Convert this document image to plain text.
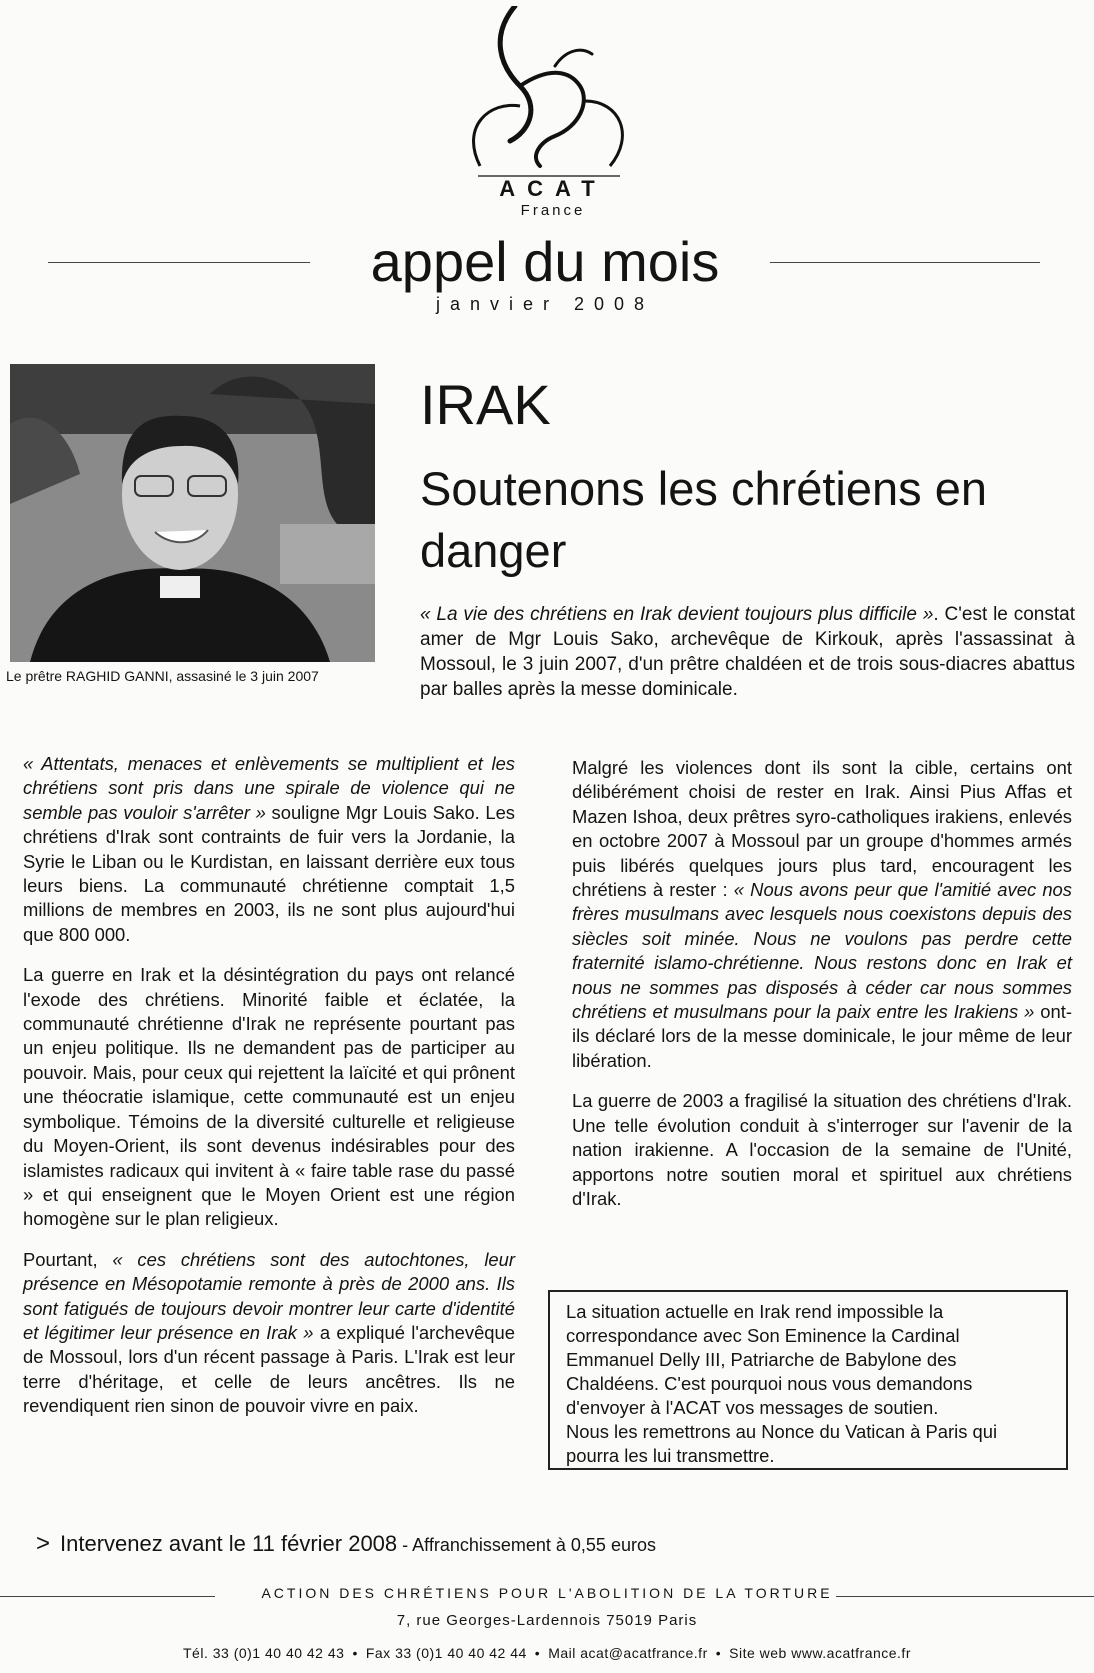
ACAT
France
appel du mois
janvier 2008
Le prêtre RAGHID GANNI, assasiné le 3 juin 2007
IRAK
Soutenons les chrétiens en danger
« La vie des chrétiens en Irak devient toujours plus difficile ». C'est le constat amer de Mgr Louis Sako, archevêque de Kirkouk, après l'assassinat à Mossoul, le 3 juin 2007, d'un prêtre chaldéen et de trois sous-diacres abattus par balles après la messe dominicale.

« Attentats, menaces et enlèvements se multiplient et les chrétiens sont pris dans une spirale de violence qui ne semble pas vouloir s'arrêter » souligne Mgr Louis Sako. Les chrétiens d'Irak sont contraints de fuir vers la Jordanie, la Syrie le Liban ou le Kurdistan, en laissant derrière eux tous leurs biens. La communauté chrétienne comptait 1,5 millions de membres en 2003, ils ne sont plus aujourd'hui que 800 000.

La guerre en Irak et la désintégration du pays ont relancé l'exode des chrétiens. Minorité faible et éclatée, la communauté chrétienne d'Irak ne représente pourtant pas un enjeu politique. Ils ne demandent pas de participer au pouvoir. Mais, pour ceux qui rejettent la laïcité et qui prônent une théocratie islamique, cette communauté est un enjeu symbolique. Témoins de la diversité culturelle et religieuse du Moyen-Orient, ils sont devenus indésirables pour des islamistes radicaux qui invitent à « faire table rase du passé » et qui enseignent que le Moyen Orient est une région homogène sur le plan religieux.

Pourtant, « ces chrétiens sont des autochtones, leur présence en Mésopotamie remonte à près de 2000 ans. Ils sont fatigués de toujours devoir montrer leur carte d'identité et légitimer leur présence en Irak » a expliqué l'archevêque de Mossoul, lors d'un récent passage à Paris. L'Irak est leur terre d'héritage, et celle de leurs ancêtres. Ils ne revendiquent rien sinon de pouvoir vivre en paix.

Malgré les violences dont ils sont la cible, certains ont délibérément choisi de rester en Irak. Ainsi Pius Affas et Mazen Ishoa, deux prêtres syro-catholiques irakiens, enlevés en octobre 2007 à Mossoul par un groupe d'hommes armés puis libérés quelques jours plus tard, encouragent les chrétiens à rester : « Nous avons peur que l'amitié avec nos frères musulmans avec lesquels nous coexistons depuis des siècles soit minée. Nous ne voulons pas perdre cette fraternité islamo-chrétienne. Nous restons donc en Irak et nous ne sommes pas disposés à céder car nous sommes chrétiens et musulmans pour la paix entre les Irakiens » ont-ils déclaré lors de la messe dominicale, le jour même de leur libération.

La guerre de 2003 a fragilisé la situation des chrétiens d'Irak. Une telle évolution conduit à s'interroger sur l'avenir de la nation irakienne. A l'occasion de la semaine de l'Unité, apportons notre soutien moral et spirituel aux chrétiens d'Irak.

La situation actuelle en Irak rend impossible la correspondance avec Son Eminence la Cardinal Emmanuel Delly III, Patriarche de Babylone des Chaldéens. C'est pourquoi nous vous demandons d'envoyer à l'ACAT vos messages de soutien.
Nous les remettrons au Nonce du Vatican à Paris qui pourra les lui transmettre.
> Intervenez avant le 11 février 2008 - Affranchissement à 0,55 euros
ACTION DES CHRÉTIENS POUR L'ABOLITION DE LA TORTURE
7, rue Georges-Lardennois 75019 Paris
Tél. 33 (0)1 40 40 42 43 • Fax 33 (0)1 40 40 42 44 • Mail acat@acatfrance.fr • Site web www.acatfrance.fr
